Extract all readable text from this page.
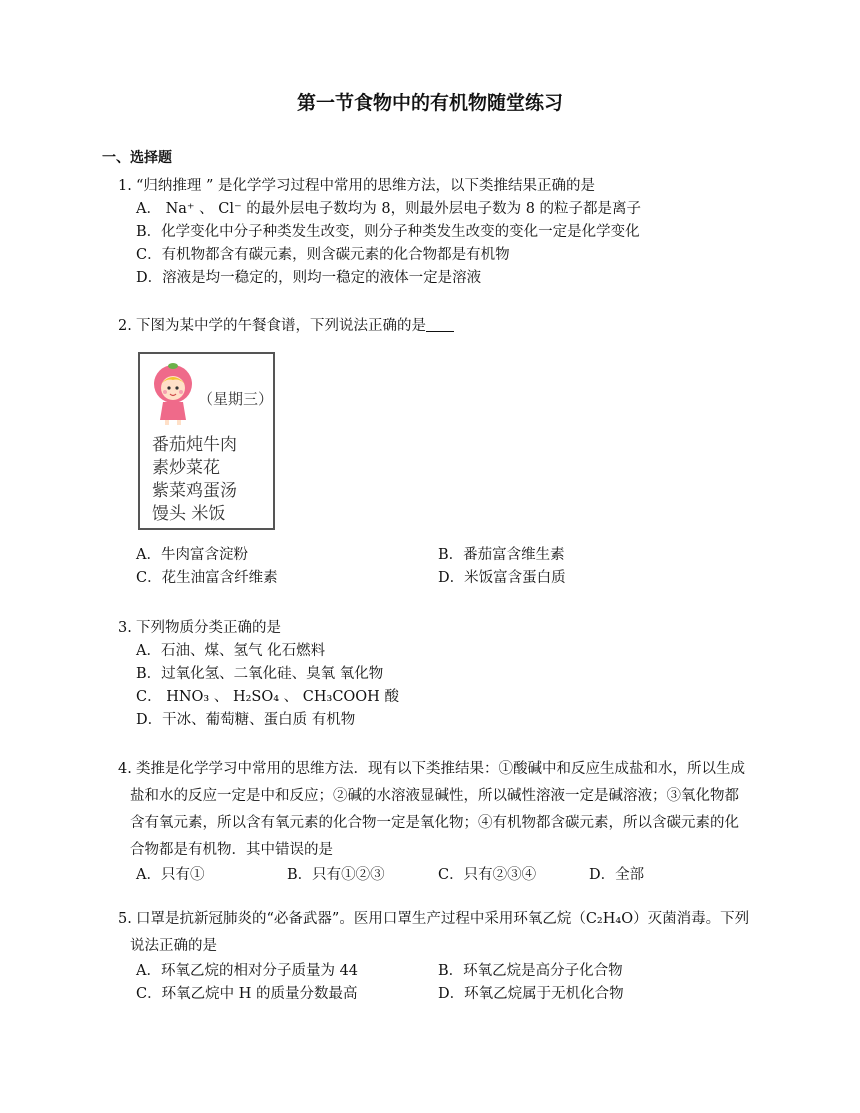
第一节食物中的有机物随堂练习
一、选择题
1. “归纳推理 ” 是化学学习过程中常用的思维方法，以下类推结果正确的是
A． Na⁺ 、 Cl⁻ 的最外层电子数均为 8，则最外层电子数为 8 的粒子都是离子
B．化学变化中分子种类发生改变，则分子种类发生改变的变化一定是化学变化
C．有机物都含有碳元素，则含碳元素的化合物都是有机物
D．溶液是均一稳定的，则均一稳定的液体一定是溶液
2. 下图为某中学的午餐食谱，下列说法正确的是
（星期三）
番茄炖牛肉
素炒菜花
紫菜鸡蛋汤
馒头 米饭
A．牛肉富含淀粉	B．番茄富含维生素
C．花生油富含纤维素	D．米饭富含蛋白质
3. 下列物质分类正确的是
A．石油、煤、氢气 化石燃料
B．过氧化氢、二氧化硅、臭氧 氧化物
C． HNO₃ 、 H₂SO₄ 、 CH₃COOH 酸
D．干冰、葡萄糖、蛋白质 有机物
4. 类推是化学学习中常用的思维方法．现有以下类推结果：①酸碱中和反应生成盐和水，所以生成
盐和水的反应一定是中和反应；②碱的水溶液显碱性，所以碱性溶液一定是碱溶液；③氧化物都
含有氧元素，所以含有氧元素的化合物一定是氧化物；④有机物都含碳元素，所以含碳元素的化
合物都是有机物．其中错误的是
A．只有①	B．只有①②③	C．只有②③④	D．全部
5. 口罩是抗新冠肺炎的“必备武器”。医用口罩生产过程中采用环氧乙烷（C₂H₄O）灭菌消毒。下列
说法正确的是
A．环氧乙烷的相对分子质量为 44	B．环氧乙烷是高分子化合物
C．环氧乙烷中 H 的质量分数最高	D．环氧乙烷属于无机化合物
